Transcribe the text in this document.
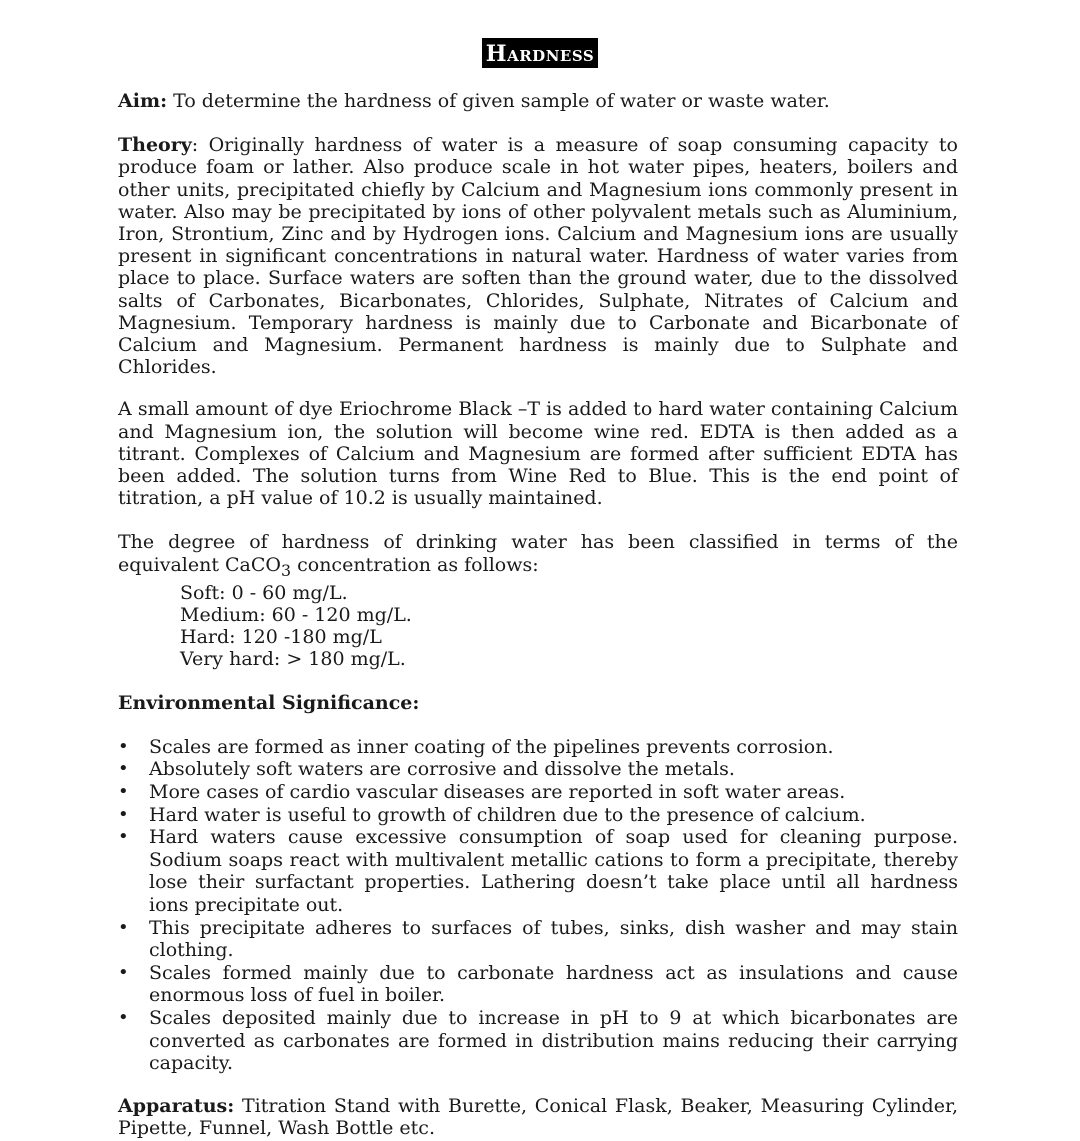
Hardness

Aim: To determine the hardness of given sample of water or waste water.

Theory: Originally hardness of water is a measure of soap consuming capacity to produce foam or lather. Also produce scale in hot water pipes, heaters, boilers and other units, precipitated chiefly by Calcium and Magnesium ions commonly present in water. Also may be precipitated by ions of other polyvalent metals such as Aluminium, Iron, Strontium, Zinc and by Hydrogen ions. Calcium and Magnesium ions are usually present in significant concentrations in natural water. Hardness of water varies from place to place. Surface waters are soften than the ground water, due to the dissolved salts of Carbonates, Bicarbonates, Chlorides, Sulphate, Nitrates of Calcium and Magnesium. Temporary hardness is mainly due to Carbonate and Bicarbonate of Calcium and Magnesium. Permanent hardness is mainly due to Sulphate and Chlorides.

A small amount of dye Eriochrome Black –T is added to hard water containing Calcium and Magnesium ion, the solution will become wine red. EDTA is then added as a titrant. Complexes of Calcium and Magnesium are formed after sufficient EDTA has been added. The solution turns from Wine Red to Blue. This is the end point of titration, a pH value of 10.2 is usually maintained.

The degree of hardness of drinking water has been classified in terms of the equivalent CaCO$_3$ concentration as follows:

Soft: 0 - 60 mg/L.
Medium: 60 - 120 mg/L.
Hard: 120 -180 mg/L
Very hard: > 180 mg/L.
Environmental Significance:
• Scales are formed as inner coating of the pipelines prevents corrosion.
• Absolutely soft waters are corrosive and dissolve the metals.
• More cases of cardio vascular diseases are reported in soft water areas.
• Hard water is useful to growth of children due to the presence of calcium.
• Hard waters cause excessive consumption of soap used for cleaning purpose. Sodium soaps react with multivalent metallic cations to form a precipitate, thereby lose their surfactant properties. Lathering doesn’t take place until all hardness ions precipitate out.
• This precipitate adheres to surfaces of tubes, sinks, dish washer and may stain clothing.
• Scales formed mainly due to carbonate hardness act as insulations and cause enormous loss of fuel in boiler.
• Scales deposited mainly due to increase in pH to 9 at which bicarbonates are converted as carbonates are formed in distribution mains reducing their carrying capacity.

Apparatus: Titration Stand with Burette, Conical Flask, Beaker, Measuring Cylinder, Pipette, Funnel, Wash Bottle etc.
